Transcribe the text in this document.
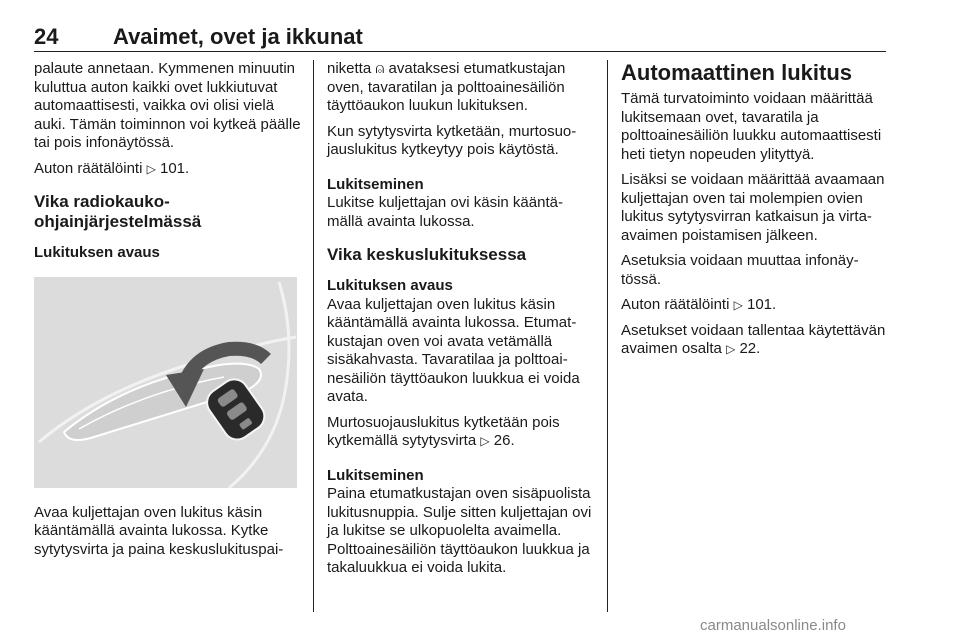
24 Avaimet, ovet ja ikkunat

palaute annetaan. Kymmenen minuutin kuluttua auton kaikki ovet lukkiutuvat automaattisesti, vaikka ovi olisi vielä auki. Tämän toiminnon voi kytkeä päälle tai pois infonäytössä.

Auton räätälöinti ▷ 101.

Vika radiokaukoohjainjärjestelmässä
Lukituksen avaus

Avaa kuljettajan oven lukitus käsin kääntämällä avainta lukossa. Kytke sytytysvirta ja paina keskuslukituspai-

niketta ⍝ avataksesi etumatkustajan oven, tavaratilan ja polttoainesäiliön täyttöaukon luukun lukituksen.

Kun sytytysvirta kytketään, murtosuojauslukitus kytkeytyy pois käytöstä.

Lukitseminen

Lukitse kuljettajan ovi käsin kääntämällä avainta lukossa.

Vika keskuslukituksessa
Lukituksen avaus

Avaa kuljettajan oven lukitus käsin kääntämällä avainta lukossa. Etumatkustajan oven voi avata vetämällä sisäkahvasta. Tavaratilaa ja polttoainesäiliön täyttöaukon luukkua ei voida avata.

Murtosuojauslukitus kytketään pois kytkemällä sytytysvirta ▷ 26.

Lukitseminen

Paina etumatkustajan oven sisäpuolista lukitusnuppia. Sulje sitten kuljettajan ovi ja lukitse se ulkopuolelta avaimella. Polttoainesäiliön täyttöaukon luukkua ja takaluukkua ei voida lukita.

Automaattinen lukitus

Tämä turvatoiminto voidaan määrittää lukitsemaan ovet, tavaratila ja polttoainesäiliön luukku automaattisesti heti tietyn nopeuden ylityttyä.

Lisäksi se voidaan määrittää avaamaan kuljettajan oven tai molempien ovien lukitus sytytysvirran katkaisun ja virta-avaimen poistamisen jälkeen.

Asetuksia voidaan muuttaa infonäytössä.

Auton räätälöinti ▷ 101.

Asetukset voidaan tallentaa käytettävän avaimen osalta ▷ 22.

carmanualsonline.info
